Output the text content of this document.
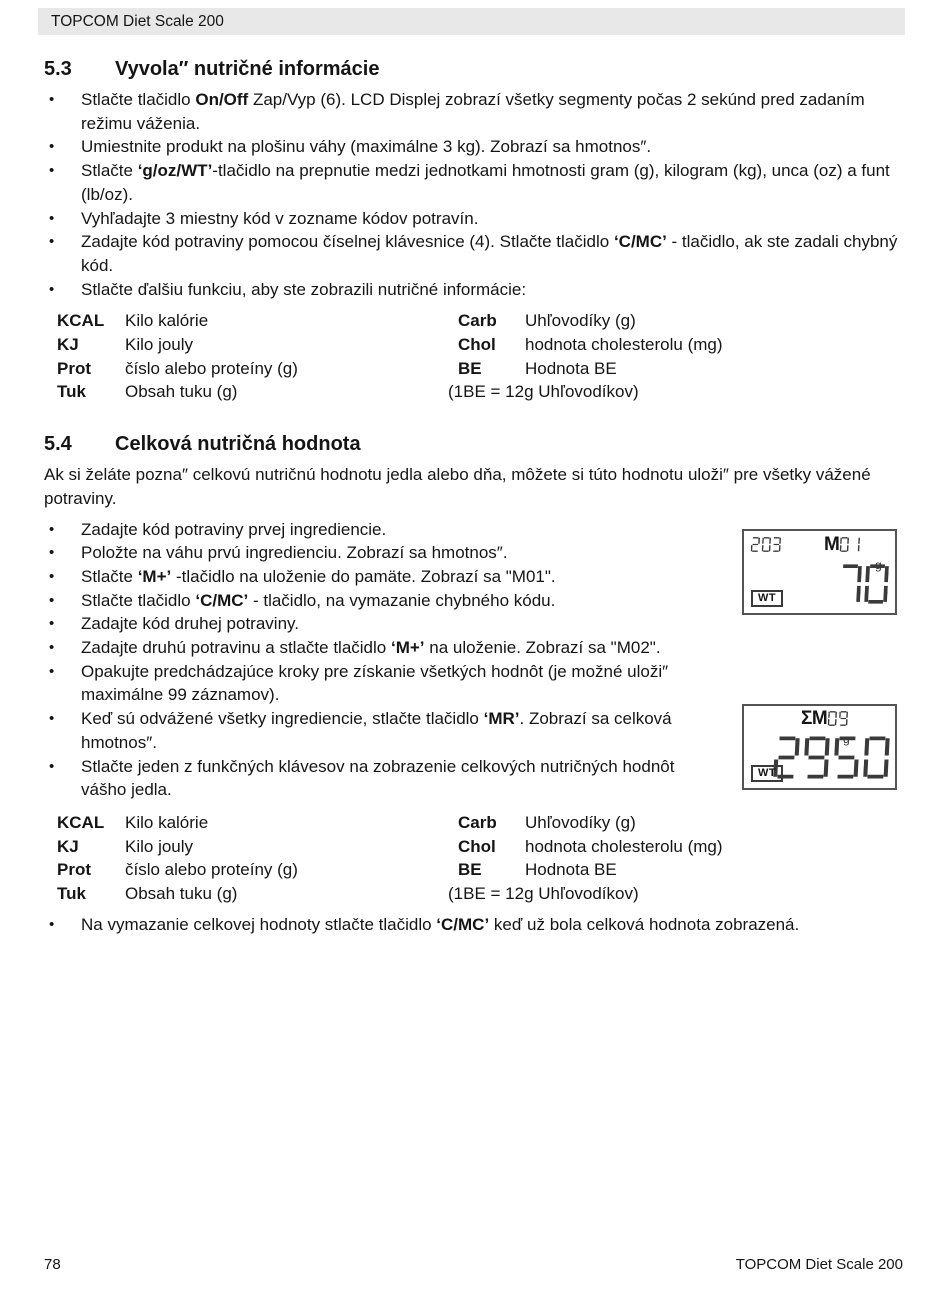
TOPCOM Diet Scale 200
5.3	Vyvola″ nutričné informácie
•	Stlačte tlačidlo On/Off Zap/Vyp (6). LCD Displej zobrazí všetky segmenty počas 2 sekúnd pred zadaním režimu váženia.
•	Umiestnite produkt na plošinu váhy (maximálne 3 kg). Zobrazí sa hmotnos″.
•	Stlačte ‘g/oz/WT’-tlačidlo na prepnutie medzi jednotkami hmotnosti gram (g), kilogram (kg), unca (oz) a funt (lb/oz).
•	Vyhľadajte 3 miestny kód v zozname kódov potravín.
•	Zadajte kód potraviny pomocou číselnej klávesnice (4). Stlačte tlačidlo ‘C/MC’ - tlačidlo, ak ste zadali chybný kód.
•	Stlačte ďalšiu funkciu, aby ste zobrazili nutričné informácie:
KCAL	Kilo kalórie	Carb	Uhľovodíky (g)
KJ	Kilo jouly	Chol	hodnota cholesterolu (mg)
Prot	číslo alebo proteíny (g)	BE	Hodnota BE
Tuk	Obsah tuku (g)	(1BE = 12g Uhľovodíkov)
5.4	Celková nutričná hodnota

Ak si želáte pozna″ celkovú nutričnú hodnotu jedla alebo dňa, môžete si túto hodnotu uloži″ pre všetky vážené potraviny.

•	Zadajte kód potraviny prvej ingrediencie.
•	Položte na váhu prvú ingredienciu. Zobrazí sa hmotnos″.
•	Stlačte ‘M+’ -tlačidlo na uloženie do pamäte. Zobrazí sa "M01".
•	Stlačte tlačidlo ‘C/MC’ - tlačidlo, na vymazanie chybného kódu.
•	Zadajte kód druhej potraviny.
•	Zadajte druhú potravinu a stlačte tlačidlo ‘M+’ na uloženie. Zobrazí sa "M02".
•	Opakujte predchádzajúce kroky pre získanie všetkých hodnôt (je možné uloži″ maximálne 99 záznamov).
•	Keď sú odvážené všetky ingrediencie, stlačte tlačidlo ‘MR’. Zobrazí sa celková hmotnos″.
•	Stlačte jeden z funkčných klávesov na zobrazenie celkových nutričných hodnôt vášho jedla.
M
WT
ΣM
WT
KCAL	Kilo kalórie	Carb	Uhľovodíky (g)
KJ	Kilo jouly	Chol	hodnota cholesterolu (mg)
Prot	číslo alebo proteíny (g)	BE	Hodnota BE
Tuk	Obsah tuku (g)	(1BE = 12g Uhľovodíkov)
•	Na vymazanie celkovej hodnoty stlačte tlačidlo ‘C/MC’ keď už bola celková hodnota zobrazená.
78	TOPCOM Diet Scale 200
